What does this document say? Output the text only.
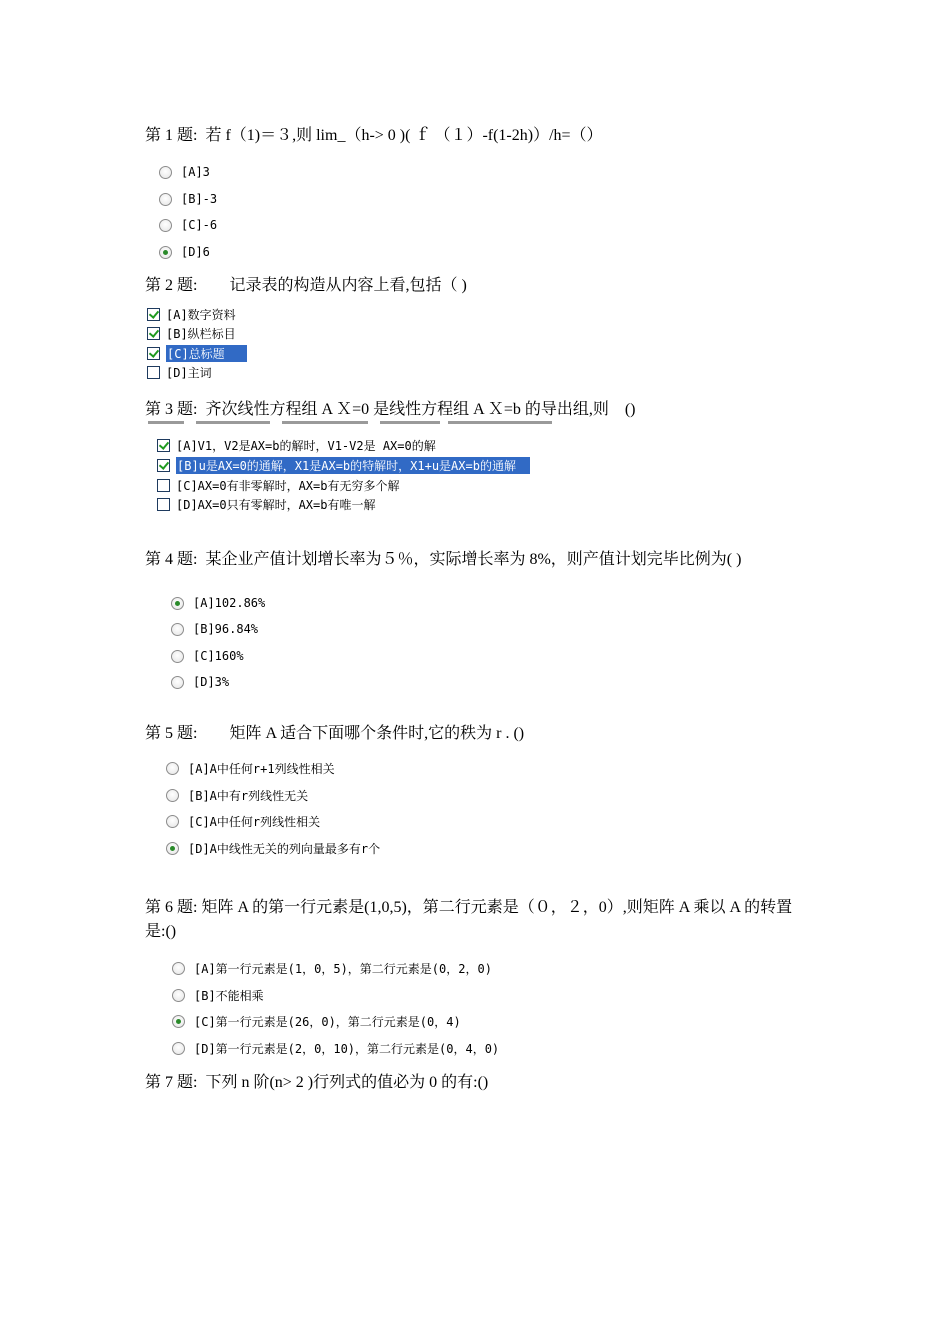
第 1 题:  若 f（1)＝３,则 lim_（h-> 0 )( ｆ （１）-f(1-2h)）/h=（）
[A]3
[B]-3
[C]-6
[D]6
第 2 题:        记录表的构造从内容上看,包括（ )
[A]数字资料
[B]纵栏标目
[C]总标题
[D]主词
第 3 题:  齐次线性方程组 A Ｘ=0 是线性方程组 A Ｘ=b 的导出组,则    ()
[A]V1，V2是AX=b的解时，V1-V2是 AX=0的解
[B]u是AX=0的通解，X1是AX=b的特解时，X1+u是AX=b的通解
[C]AX=0有非零解时，AX=b有无穷多个解
[D]AX=0只有零解时，AX=b有唯一解
第 4 题:  某企业产值计划增长率为５％，实际增长率为 8%，则产值计划完毕比例为( )
[A]102.86%
[B]96.84%
[C]160%
[D]3%
第 5 题:        矩阵 A 适合下面哪个条件时,它的秩为 r . ()
[A]A中任何r+1列线性相关
[B]A中有r列线性无关
[C]A中任何r列线性相关
[D]A中线性无关的列向量最多有r个
第 6 题: 矩阵 A 的第一行元素是(1,0,5)，第二行元素是（０，２，0）,则矩阵 A 乘以 A 的转置是:()
[A]第一行元素是(1，0，5)，第二行元素是(0，2，0)
[B]不能相乘
[C]第一行元素是(26，0)，第二行元素是(0，4)
[D]第一行元素是(2，0，10)，第二行元素是(0，4，0)
第 7 题:  下列 n 阶(n> 2 )行列式的值必为 0 的有:()
